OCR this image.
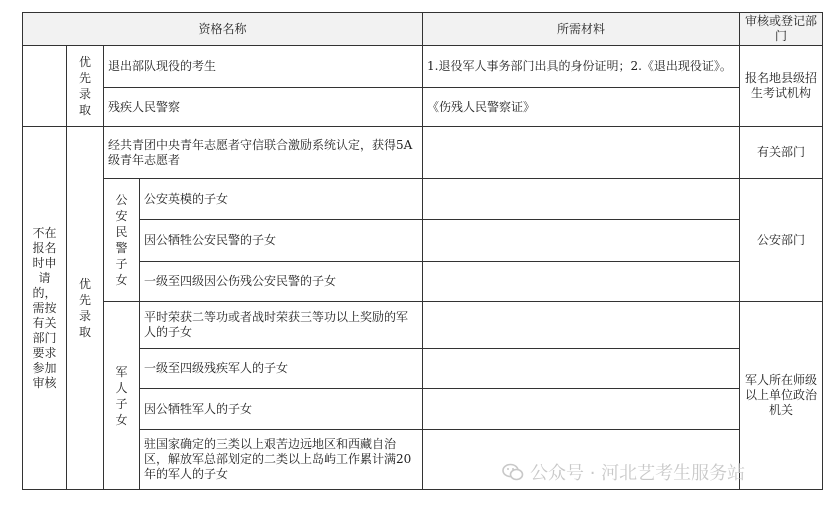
资格名称				所需材料	审核或登记部门
	优先录取	退出部队现役的考生		1.退役军人事务部门出具的身份证明；2.《退出现役证》。	报名地县级招生考试机构
		残疾人民警察		《伤残人民警察证》	
不在报名时申请的，需按有关部门要求参加审核	优先录取	经共青团中央青年志愿者守信联合激励系统认定，获得5A级青年志愿者			有关部门
		公安民警子女	公安英模的子女		公安部门
			因公牺牲公安民警的子女		
			一级至四级因公伤残公安民警的子女		
		军人子女	平时荣获二等功或者战时荣获三等功以上奖励的军人的子女		军人所在师级以上单位政治机关
			一级至四级残疾军人的子女		
			因公牺牲军人的子女		
			驻国家确定的三类以上艰苦边远地区和西藏自治区，解放军总部划定的二类以上岛屿工作累计满20年的军人的子女			公众号 · 河北艺考生服务站
